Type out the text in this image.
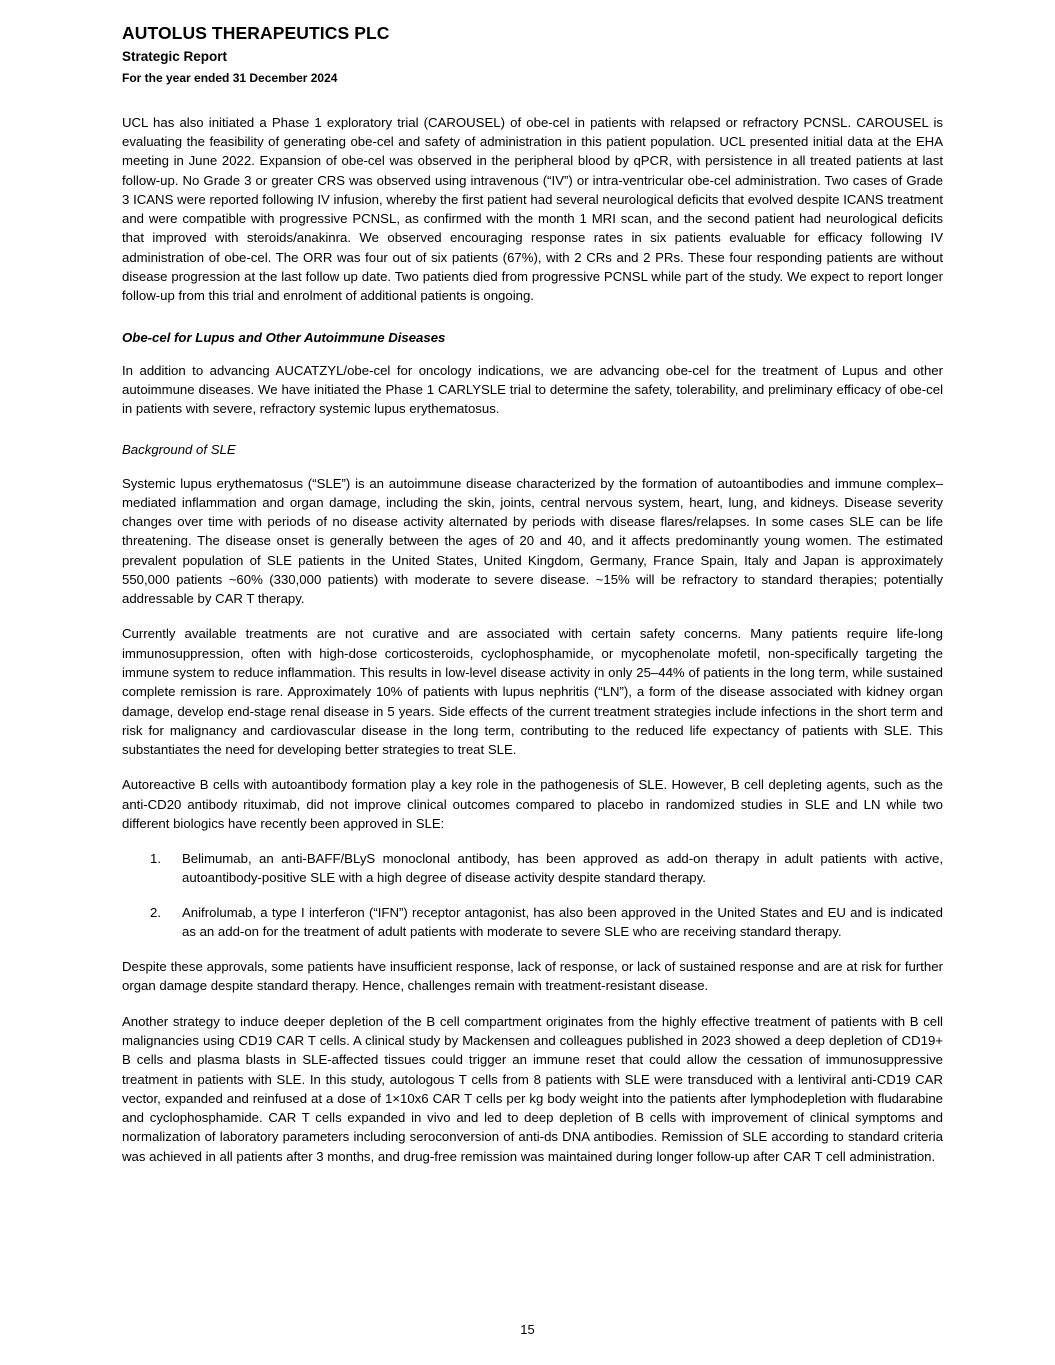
AUTOLUS THERAPEUTICS PLC
Strategic Report
For the year ended 31 December 2024

UCL has also initiated a Phase 1 exploratory trial (CAROUSEL) of obe-cel in patients with relapsed or refractory PCNSL. CAROUSEL is evaluating the feasibility of generating obe-cel and safety of administration in this patient population. UCL presented initial data at the EHA meeting in June 2022. Expansion of obe-cel was observed in the peripheral blood by qPCR, with persistence in all treated patients at last follow-up. No Grade 3 or greater CRS was observed using intravenous (“IV”) or intra-ventricular obe-cel administration. Two cases of Grade 3 ICANS were reported following IV infusion, whereby the first patient had several neurological deficits that evolved despite ICANS treatment and were compatible with progressive PCNSL, as confirmed with the month 1 MRI scan, and the second patient had neurological deficits that improved with steroids/anakinra. We observed encouraging response rates in six patients evaluable for efficacy following IV administration of obe-cel. The ORR was four out of six patients (67%), with 2 CRs and 2 PRs. These four responding patients are without disease progression at the last follow up date. Two patients died from progressive PCNSL while part of the study. We expect to report longer follow-up from this trial and enrolment of additional patients is ongoing.

Obe-cel for Lupus and Other Autoimmune Diseases

In addition to advancing AUCATZYL/obe-cel for oncology indications, we are advancing obe-cel for the treatment of Lupus and other autoimmune diseases. We have initiated the Phase 1 CARLYSLE trial to determine the safety, tolerability, and preliminary efficacy of obe-cel in patients with severe, refractory systemic lupus erythematosus.

Background of SLE

Systemic lupus erythematosus (“SLE”) is an autoimmune disease characterized by the formation of autoantibodies and immune complex–mediated inflammation and organ damage, including the skin, joints, central nervous system, heart, lung, and kidneys. Disease severity changes over time with periods of no disease activity alternated by periods with disease flares/relapses. In some cases SLE can be life threatening. The disease onset is generally between the ages of 20 and 40, and it affects predominantly young women. The estimated prevalent population of SLE patients in the United States, United Kingdom, Germany, France Spain, Italy and Japan is approximately 550,000 patients ~60% (330,000 patients) with moderate to severe disease. ~15% will be refractory to standard therapies; potentially addressable by CAR T therapy.

Currently available treatments are not curative and are associated with certain safety concerns. Many patients require life-long immunosuppression, often with high-dose corticosteroids, cyclophosphamide, or mycophenolate mofetil, non-specifically targeting the immune system to reduce inflammation. This results in low-level disease activity in only 25–44% of patients in the long term, while sustained complete remission is rare. Approximately 10% of patients with lupus nephritis (“LN”), a form of the disease associated with kidney organ damage, develop end-stage renal disease in 5 years. Side effects of the current treatment strategies include infections in the short term and risk for malignancy and cardiovascular disease in the long term, contributing to the reduced life expectancy of patients with SLE. This substantiates the need for developing better strategies to treat SLE.

Autoreactive B cells with autoantibody formation play a key role in the pathogenesis of SLE. However, B cell depleting agents, such as the anti-CD20 antibody rituximab, did not improve clinical outcomes compared to placebo in randomized studies in SLE and LN while two different biologics have recently been approved in SLE:

1. Belimumab, an anti-BAFF/BLyS monoclonal antibody, has been approved as add-on therapy in adult patients with active, autoantibody-positive SLE with a high degree of disease activity despite standard therapy.
2. Anifrolumab, a type I interferon (“IFN”) receptor antagonist, has also been approved in the United States and EU and is indicated as an add-on for the treatment of adult patients with moderate to severe SLE who are receiving standard therapy.

Despite these approvals, some patients have insufficient response, lack of response, or lack of sustained response and are at risk for further organ damage despite standard therapy. Hence, challenges remain with treatment-resistant disease.

Another strategy to induce deeper depletion of the B cell compartment originates from the highly effective treatment of patients with B cell malignancies using CD19 CAR T cells. A clinical study by Mackensen and colleagues published in 2023 showed a deep depletion of CD19+ B cells and plasma blasts in SLE-affected tissues could trigger an immune reset that could allow the cessation of immunosuppressive treatment in patients with SLE. In this study, autologous T cells from 8 patients with SLE were transduced with a lentiviral anti-CD19 CAR vector, expanded and reinfused at a dose of 1×10x6 CAR T cells per kg body weight into the patients after lymphodepletion with fludarabine and cyclophosphamide. CAR T cells expanded in vivo and led to deep depletion of B cells with improvement of clinical symptoms and normalization of laboratory parameters including seroconversion of anti-ds DNA antibodies. Remission of SLE according to standard criteria was achieved in all patients after 3 months, and drug-free remission was maintained during longer follow-up after CAR T cell administration.

15
